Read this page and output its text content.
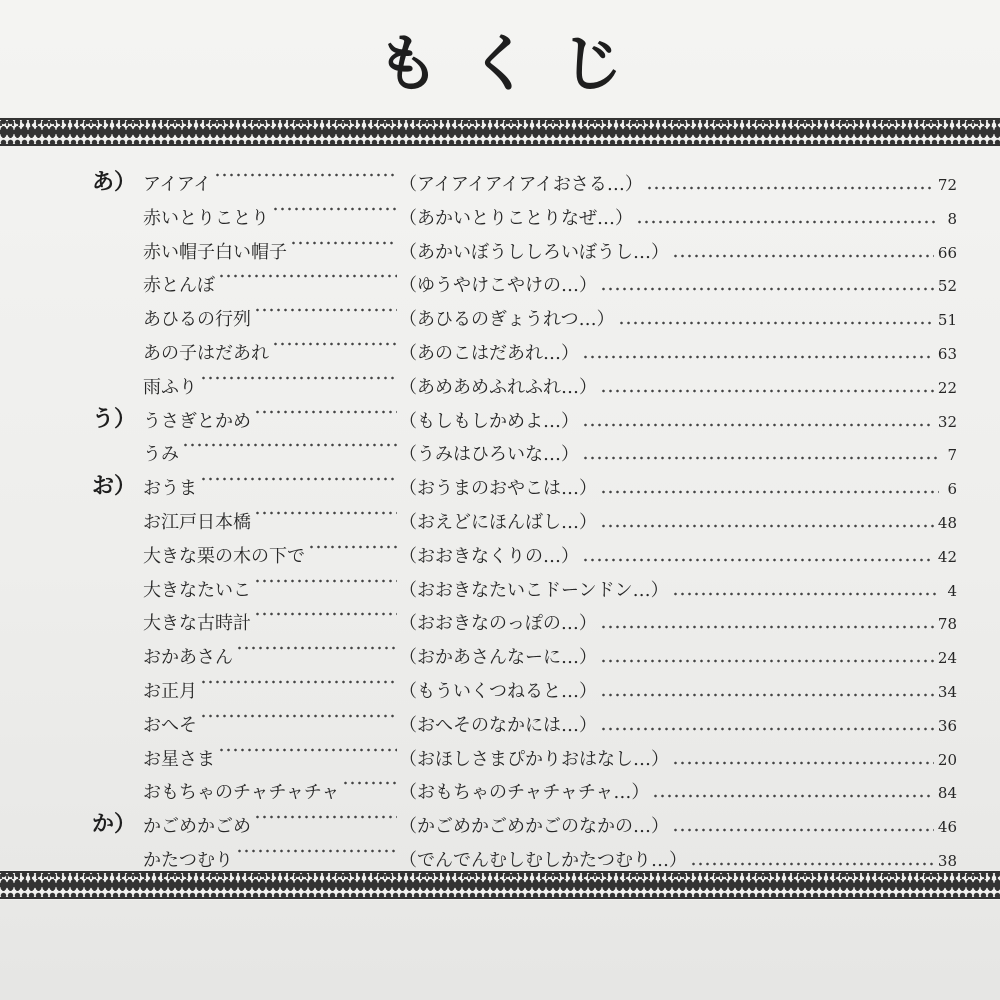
もくじ
あ） アイアイ	（アイアイアイアイおさる…）	72
赤いとりことり	（あかいとりことりなぜ…）	8
赤い帽子白い帽子	（あかいぼうししろいぼうし…）	66
赤とんぼ	（ゆうやけこやけの…）	52
あひるの行列	（あひるのぎょうれつ…）	51
あの子はだあれ	（あのこはだあれ…）	63
雨ふり	（あめあめふれふれ…）	22
う） うさぎとかめ	（もしもしかめよ…）	32
うみ	（うみはひろいな…）	7
お） おうま	（おうまのおやこは…）	6
お江戸日本橋	（おえどにほんばし…）	48
大きな栗の木の下で	（おおきなくりの…）	42
大きなたいこ	（おおきなたいこドーンドン…）	4
大きな古時計	（おおきなのっぽの…）	78
おかあさん	（おかあさんなーに…）	24
お正月	（もういくつねると…）	34
おへそ	（おへそのなかには…）	36
お星さま	（おほしさまぴかりおはなし…）	20
おもちゃのチャチャチャ	（おもちゃのチャチャチャ…）	84
か） かごめかごめ	（かごめかごめかごのなかの…）	46
かたつむり	（でんでんむしむしかたつむり…）	38
